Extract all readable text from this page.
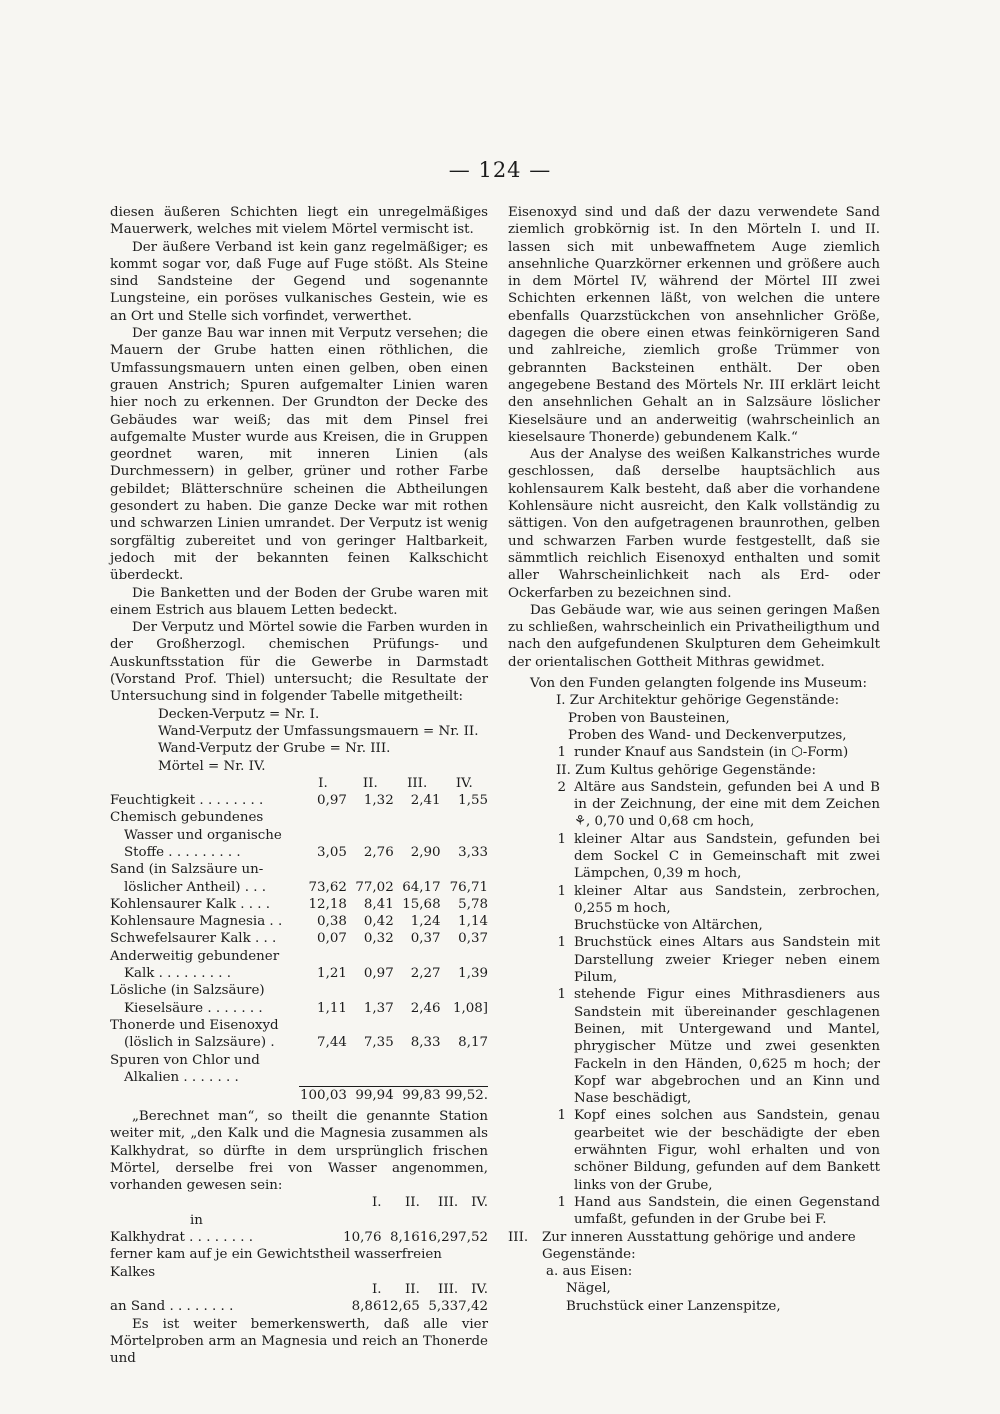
— 124 —

diesen äußeren Schichten liegt ein unregelmäßiges Mauerwerk, welches mit vielem Mörtel vermischt ist.

Der äußere Verband ist kein ganz regelmäßiger; es kommt sogar vor, daß Fuge auf Fuge stößt. Als Steine sind Sandsteine der Gegend und sogenannte Lungsteine, ein poröses vulkanisches Gestein, wie es an Ort und Stelle sich vorfindet, verwerthet.

Der ganze Bau war innen mit Verputz versehen; die Mauern der Grube hatten einen röthlichen, die Umfassungsmauern unten einen gelben, oben einen grauen Anstrich; Spuren aufgemalter Linien waren hier noch zu erkennen. Der Grundton der Decke des Gebäudes war weiß; das mit dem Pinsel frei aufgemalte Muster wurde aus Kreisen, die in Gruppen geordnet waren, mit inneren Linien (als Durchmessern) in gelber, grüner und rother Farbe gebildet; Blätterschnüre scheinen die Abtheilungen gesondert zu haben. Die ganze Decke war mit rothen und schwarzen Linien umrandet. Der Verputz ist wenig sorgfältig zubereitet und von geringer Haltbarkeit, jedoch mit der bekannten feinen Kalkschicht überdeckt.

Die Banketten und der Boden der Grube waren mit einem Estrich aus blauem Letten bedeckt.

Der Verputz und Mörtel sowie die Farben wurden in der Großherzogl. chemischen Prüfungs- und Auskunftsstation für die Gewerbe in Darmstadt (Vorstand Prof. Thiel) untersucht; die Resultate der Untersuchung sind in folgender Tabelle mitgetheilt:

Decken-Verputz = Nr. I.

Wand-Verputz der Umfassungsmauern = Nr. II.

Wand-Verputz der Grube = Nr. III.

Mörtel = Nr. IV.

	I.	II.	III.	IV.
Feuchtigkeit . . . . . . . .	0,97	1,32	2,41	1,55
Chemisch gebundenes				
Wasser und organische				
Stoffe . . . . . . . . .	3,05	2,76	2,90	3,33
Sand (in Salzsäure un-				
löslicher Antheil) . . .	73,62	77,02	64,17	76,71
Kohlensaurer Kalk . . . .	12,18	8,41	15,68	5,78
Kohlensaure Magnesia . .	0,38	0,42	1,24	1,14
Schwefelsaurer Kalk . . .	0,07	0,32	0,37	0,37
Anderweitig gebundener				
Kalk . . . . . . . . .	1,21	0,97	2,27	1,39
Lösliche (in Salzsäure)				
Kieselsäure . . . . . . .	1,11	1,37	2,46	1,08]
Thonerde und Eisenoxyd				
(löslich in Salzsäure) .	7,44	7,35	8,33	8,17
Spuren von Chlor und				
Alkalien . . . . . . .				
	100,03	99,94	99,83	99,52.

„Berechnet man“, so theilt die genannte Station weiter mit, „den Kalk und die Magnesia zusammen als Kalkhydrat, so dürfte in dem ursprünglich frischen Mörtel, derselbe frei von Wasser angenommen, vorhanden gewesen sein:

	I.	II.	III.	IV.
in				
Kalkhydrat . . . . . . . .	10,76	8,16	16,29	7,52
ferner kam auf je ein Gewichtstheil wasserfreien Kalkes				
	I.	II.	III.	IV.
an Sand . . . . . . . .	8,86	12,65	5,33	7,42

Es ist weiter bemerkenswerth, daß alle vier Mörtelproben arm an Magnesia und reich an Thonerde und

Eisenoxyd sind und daß der dazu verwendete Sand ziemlich grobkörnig ist. In den Mörteln I. und II. lassen sich mit unbewaffnetem Auge ziemlich ansehnliche Quarzkörner erkennen und größere auch in dem Mörtel IV, während der Mörtel III zwei Schichten erkennen läßt, von welchen die untere ebenfalls Quarzstückchen von ansehnlicher Größe, dagegen die obere einen etwas feinkörnigeren Sand und zahlreiche, ziemlich große Trümmer von gebrannten Backsteinen enthält. Der oben angegebene Bestand des Mörtels Nr. III erklärt leicht den ansehnlichen Gehalt an in Salzsäure löslicher Kieselsäure und an anderweitig (wahrscheinlich an kieselsaure Thonerde) gebundenem Kalk.“

Aus der Analyse des weißen Kalkanstriches wurde geschlossen, daß derselbe hauptsächlich aus kohlensaurem Kalk besteht, daß aber die vorhandene Kohlensäure nicht ausreicht, den Kalk vollständig zu sättigen. Von den aufgetragenen braunrothen, gelben und schwarzen Farben wurde festgestellt, daß sie sämmtlich reichlich Eisenoxyd enthalten und somit aller Wahrscheinlichkeit nach als Erd- oder Ockerfarben zu bezeichnen sind.

Das Gebäude war, wie aus seinen geringen Maßen zu schließen, wahrscheinlich ein Privatheiligthum und nach den aufgefundenen Skulpturen dem Geheimkult der orientalischen Gottheit Mithras gewidmet.

Von den Funden gelangten folgende ins Museum:

I. Zur Architektur gehörige Gegenstände:

Proben von Bausteinen,

Proben des Wand- und Deckenverputzes,

1 runder Knauf aus Sandstein (in ⬡-Form)

II. Zum Kultus gehörige Gegenstände:

2 Altäre aus Sandstein, gefunden bei A und B in der Zeichnung, der eine mit dem Zeichen ⚘, 0,70 und 0,68 cm hoch,
1 kleiner Altar aus Sandstein, gefunden bei dem Sockel C in Gemeinschaft mit zwei Lämpchen, 0,39 m hoch,
1 kleiner Altar aus Sandstein, zerbrochen, 0,255 m hoch,
Bruchstücke von Altärchen,
1 Bruchstück eines Altars aus Sandstein mit Darstellung zweier Krieger neben einem Pilum,
1 stehende Figur eines Mithrasdieners aus Sandstein mit übereinander geschlagenen Beinen, mit Untergewand und Mantel, phrygischer Mütze und zwei gesenkten Fackeln in den Händen, 0,625 m hoch; der Kopf war abgebrochen und an Kinn und Nase beschädigt,
1 Kopf eines solchen aus Sandstein, genau gearbeitet wie der beschädigte der eben erwähnten Figur, wohl erhalten und von schöner Bildung, gefunden auf dem Bankett links von der Grube,
1 Hand aus Sandstein, die einen Gegenstand umfaßt, gefunden in der Grube bei F.
III.	Zur inneren Ausstattung gehörige und andere Gegenstände:

a. aus Eisen:

Nägel,

Bruchstück einer Lanzenspitze,
